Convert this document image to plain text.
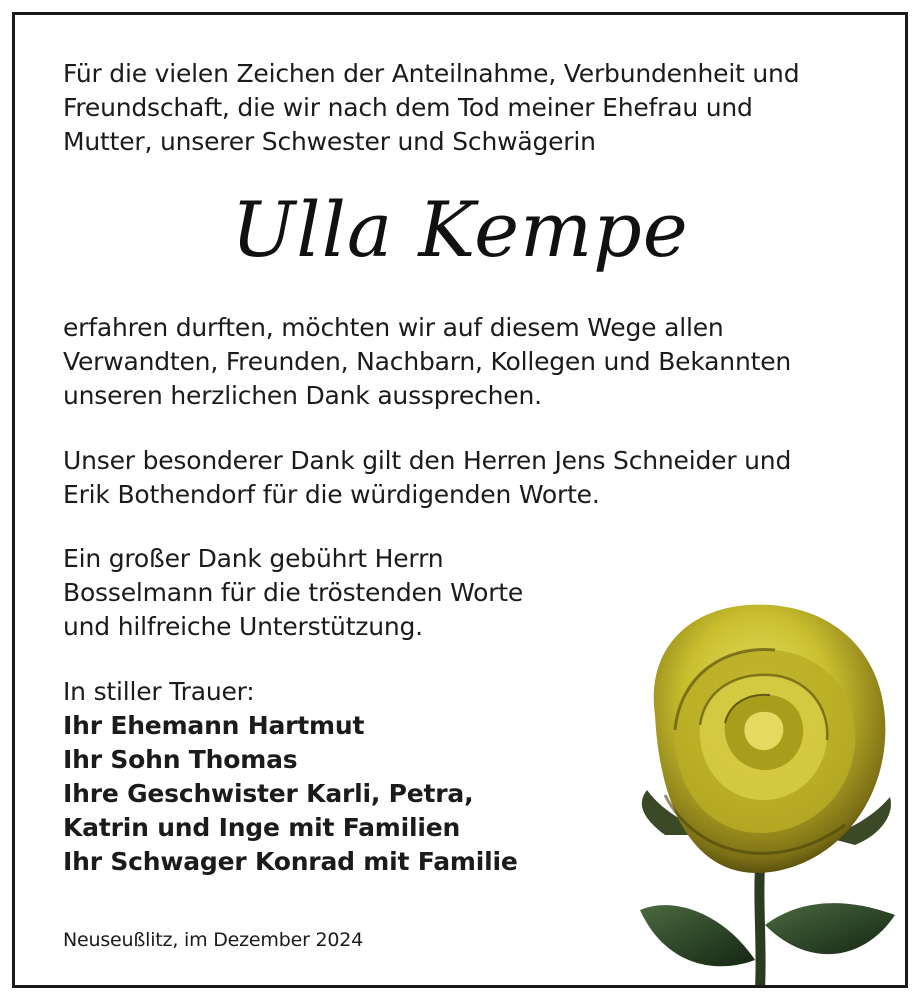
Für die vielen Zeichen der Anteilnahme, Verbundenheit und
Freundschaft, die wir nach dem Tod meiner Ehefrau und
Mutter, unserer Schwester und Schwägerin
Ulla Kempe
erfahren durften, möchten wir auf diesem Wege allen
Verwandten, Freunden, Nachbarn, Kollegen und Bekannten
unseren herzlichen Dank aussprechen.
Unser besonderer Dank gilt den Herren Jens Schneider und
Erik Bothendorf für die würdigenden Worte.
Ein großer Dank gebührt Herrn
Bosselmann für die tröstenden Worte
und hilfreiche Unterstützung.
In stiller Trauer:
Ihr Ehemann Hartmut
Ihr Sohn Thomas
Ihre Geschwister Karli, Petra,
Katrin und Inge mit Familien
Ihr Schwager Konrad mit Familie
Neuseußlitz, im Dezember 2024
